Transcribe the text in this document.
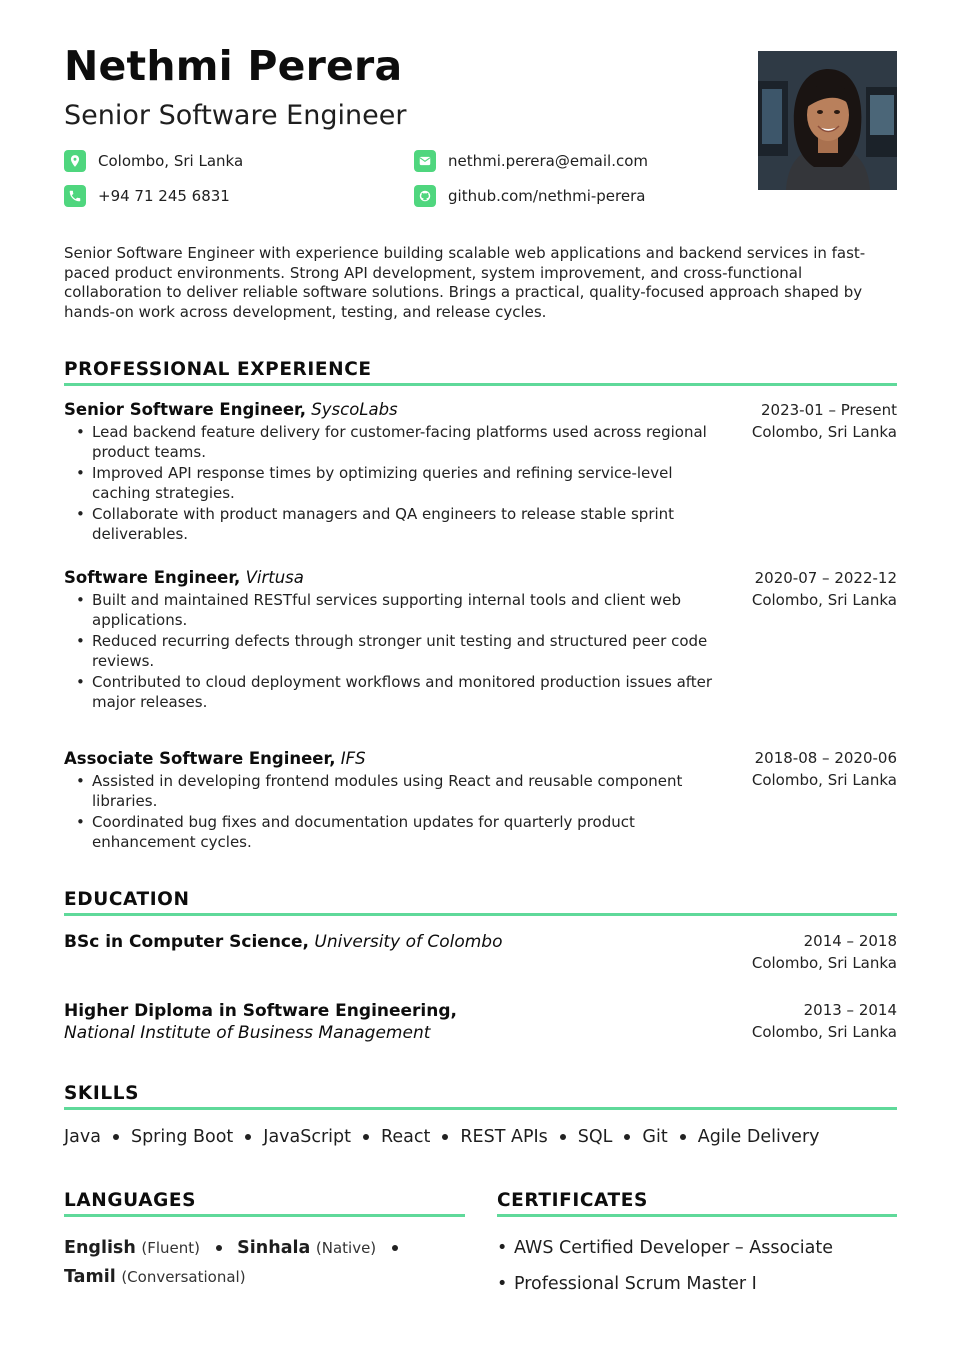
Nethmi Perera
Senior Software Engineer
Colombo, Sri Lanka	nethmi.perera@email.com
+94 71 245 6831	github.com/nethmi-perera
Senior Software Engineer with experience building scalable web applications and backend services in fast-paced product environments. Strong API development, system improvement, and cross-functional collaboration to deliver reliable software solutions. Brings a practical, quality-focused approach shaped by hands-on work across development, testing, and release cycles.
PROFESSIONAL EXPERIENCE
Senior Software Engineer, SyscoLabs	2023-01 – Present
Colombo, Sri Lanka
• Lead backend feature delivery for customer-facing platforms used across regional product teams.
• Improved API response times by optimizing queries and refining service-level caching strategies.
• Collaborate with product managers and QA engineers to release stable sprint deliverables.
Software Engineer, Virtusa	2020-07 – 2022-12
Colombo, Sri Lanka
• Built and maintained RESTful services supporting internal tools and client web applications.
• Reduced recurring defects through stronger unit testing and structured peer code reviews.
• Contributed to cloud deployment workflows and monitored production issues after major releases.
Associate Software Engineer, IFS	2018-08 – 2020-06
Colombo, Sri Lanka
• Assisted in developing frontend modules using React and reusable component libraries.
• Coordinated bug fixes and documentation updates for quarterly product enhancement cycles.
EDUCATION
BSc in Computer Science, University of Colombo	2014 – 2018
Colombo, Sri Lanka
Higher Diploma in Software Engineering,
National Institute of Business Management
2013 – 2014
Colombo, Sri Lanka
SKILLS
Java Spring Boot JavaScript React REST APIs SQL Git Agile Delivery
LANGUAGES
English (Fluent) Sinhala (Native)  Tamil (Conversational)
CERTIFICATES
• AWS Certified Developer – Associate
• Professional Scrum Master I
